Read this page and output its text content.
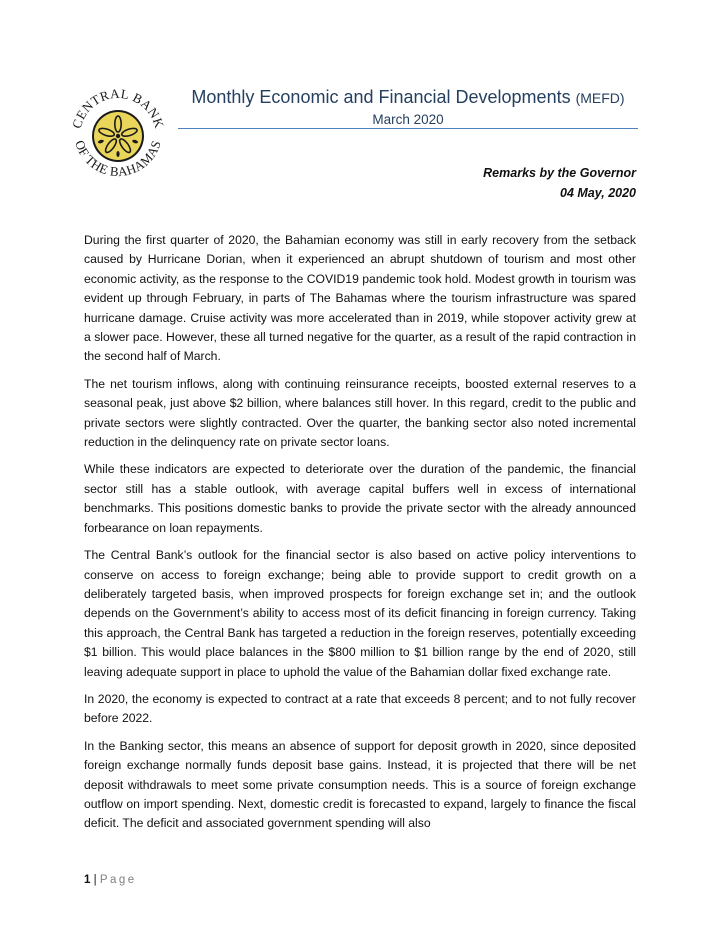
CENTRAL BANK
OF THE BAHAMAS
Monthly Economic and Financial Developments (MEFD)
March 2020
Remarks by the Governor
04 May, 2020

During the first quarter of 2020, the Bahamian economy was still in early recovery from the setback caused by Hurricane Dorian, when it experienced an abrupt shutdown of tourism and most other economic activity, as the response to the COVID19 pandemic took hold. Modest growth in tourism was evident up through February, in parts of The Bahamas where the tourism infrastructure was spared hurricane damage. Cruise activity was more accelerated than in 2019, while stopover activity grew at a slower pace. However, these all turned negative for the quarter, as a result of the rapid contraction in the second half of March.

The net tourism inflows, along with continuing reinsurance receipts, boosted external reserves to a seasonal peak, just above $2 billion, where balances still hover. In this regard, credit to the public and private sectors were slightly contracted. Over the quarter, the banking sector also noted incremental reduction in the delinquency rate on private sector loans.

While these indicators are expected to deteriorate over the duration of the pandemic, the financial sector still has a stable outlook, with average capital buffers well in excess of international benchmarks. This positions domestic banks to provide the private sector with the already announced forbearance on loan repayments.

The Central Bank’s outlook for the financial sector is also based on active policy interventions to conserve on access to foreign exchange; being able to provide support to credit growth on a deliberately targeted basis, when improved prospects for foreign exchange set in; and the outlook depends on the Government’s ability to access most of its deficit financing in foreign currency. Taking this approach, the Central Bank has targeted a reduction in the foreign reserves, potentially exceeding $1 billion. This would place balances in the $800 million to $1 billion range by the end of 2020, still leaving adequate support in place to uphold the value of the Bahamian dollar fixed exchange rate.

In 2020, the economy is expected to contract at a rate that exceeds 8 percent; and to not fully recover before 2022.

In the Banking sector, this means an absence of support for deposit growth in 2020, since deposited foreign exchange normally funds deposit base gains. Instead, it is projected that there will be net deposit withdrawals to meet some private consumption needs. This is a source of foreign exchange outflow on import spending. Next, domestic credit is forecasted to expand, largely to finance the fiscal deficit. The deficit and associated government spending will also

1 | Page
